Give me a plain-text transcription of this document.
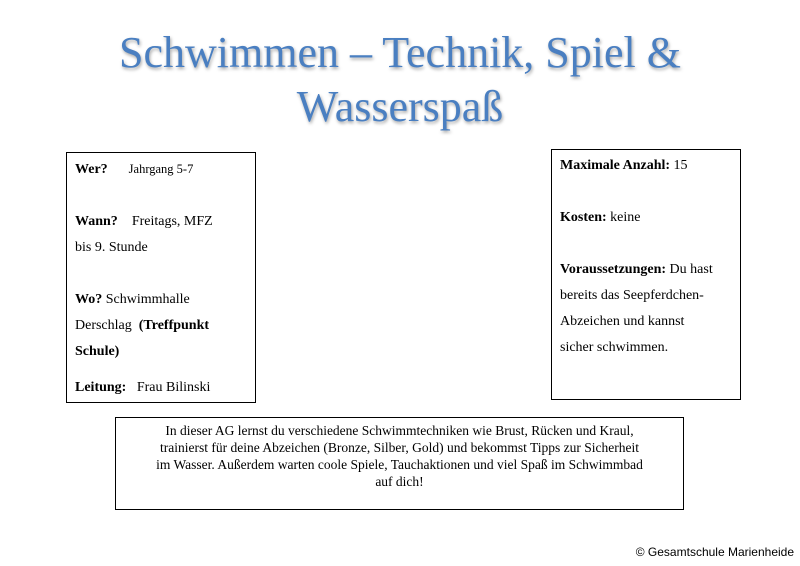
Schwimmen – Technik, Spiel &
Wasserspaß
Wer? Jahrgang 5-7
Wann? Freitags, MFZ
bis 9. Stunde
Wo? Schwimmhalle
Derschlag (Treffpunkt
Schule)
Leitung: Frau Bilinski
Maximale Anzahl: 15
Kosten: keine
Voraussetzungen: Du hast
bereits das Seepferdchen-
Abzeichen und kannst
sicher schwimmen.
In dieser AG lernst du verschiedene Schwimmtechniken wie Brust, Rücken und Kraul,
trainierst für deine Abzeichen (Bronze, Silber, Gold) und bekommst Tipps zur Sicherheit
im Wasser. Außerdem warten coole Spiele, Tauchaktionen und viel Spaß im Schwimmbad
auf dich!
© Gesamtschule Marienheide
